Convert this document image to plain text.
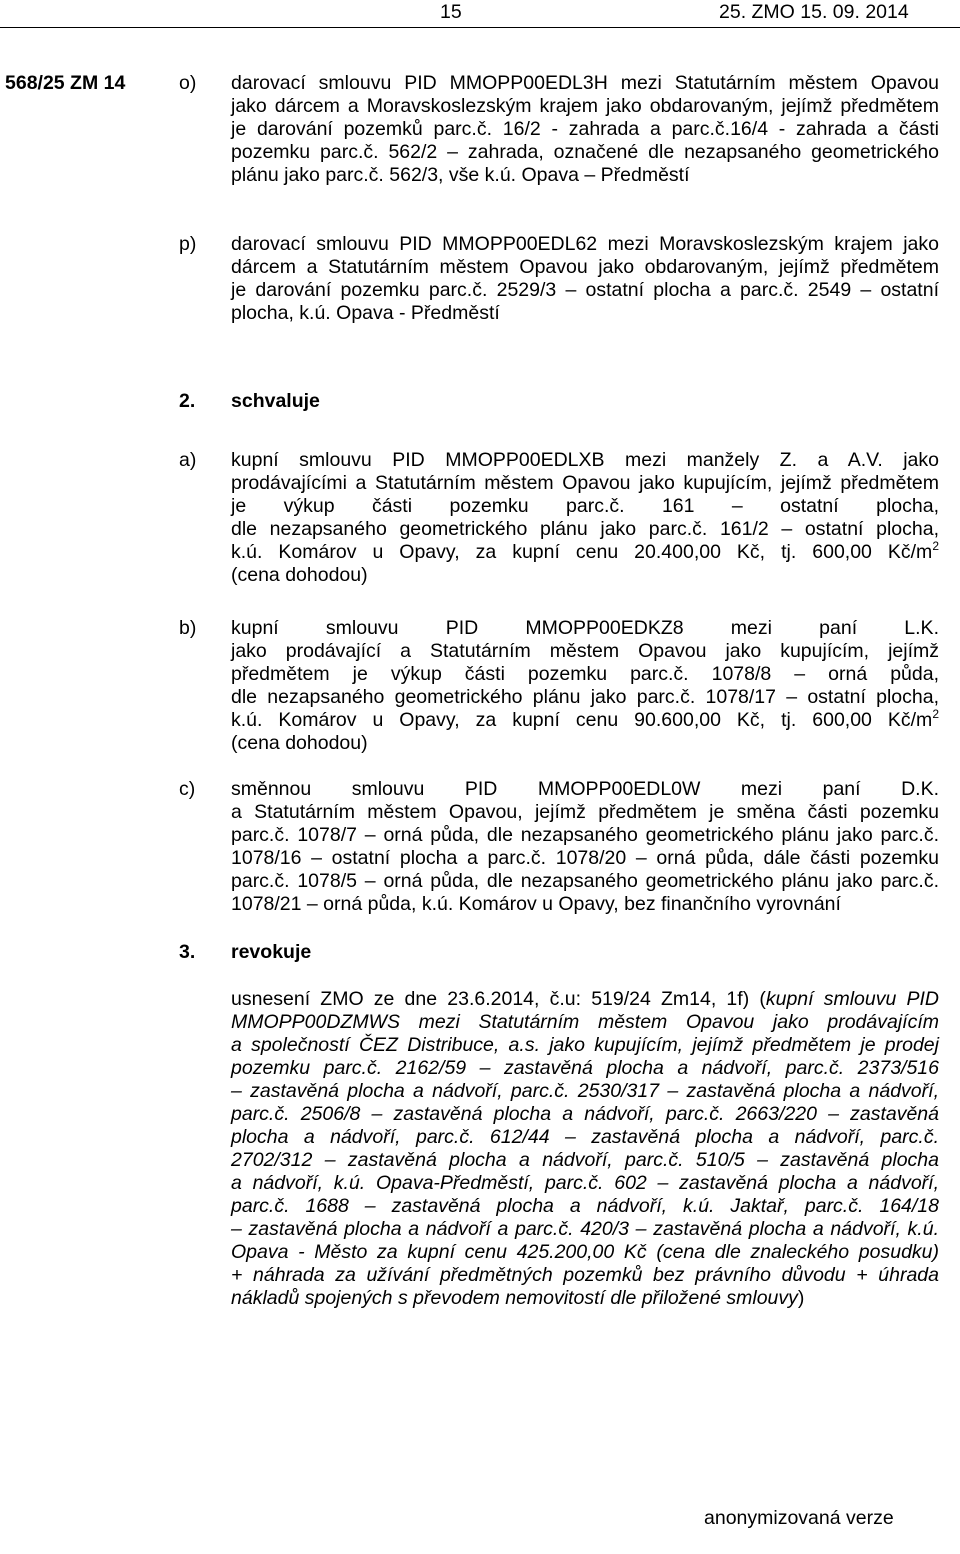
15	25. ZMO 15. 09. 2014
568/25 ZM 14	o) darovací smlouvu PID MMOPP00EDL3H mezi Statutárním městem Opavou
jako dárcem a Moravskoslezským krajem jako obdarovaným, jejímž předmětem
je darování pozemků parc.č. 16/2 - zahrada a parc.č.16/4 - zahrada a části
pozemku parc.č. 562/2 – zahrada, označené dle nezapsaného geometrického
plánu jako parc.č. 562/3, vše k.ú. Opava – Předměstí
p) darovací smlouvu PID MMOPP00EDL62 mezi Moravskoslezským krajem jako
dárcem a Statutárním městem Opavou jako obdarovaným, jejímž předmětem
je darování pozemku parc.č. 2529/3 – ostatní plocha a parc.č. 2549 – ostatní
plocha, k.ú. Opava - Předměstí
2. schvaluje
a) kupní smlouvu PID MMOPP00EDLXB mezi manžely Z. a A.V. jako
prodávajícími a Statutárním městem Opavou jako kupujícím, jejímž předmětem
je výkup části pozemku parc.č. 161 – ostatní plocha,
dle nezapsaného geometrického plánu jako parc.č. 161/2 – ostatní plocha,
k.ú. Komárov u Opavy, za kupní cenu 20.400,00 Kč, tj. 600,00 $Kč/m^2$
(cena dohodou)
b) kupní smlouvu PID MMOPP00EDKZ8 mezi paní L.K.
jako prodávající a Statutárním městem Opavou jako kupujícím, jejímž
předmětem je výkup části pozemku parc.č. 1078/8 – orná půda,
dle nezapsaného geometrického plánu jako parc.č. 1078/17 – ostatní plocha,
k.ú. Komárov u Opavy, za kupní cenu 90.600,00 Kč, tj. 600,00 $Kč/m^2$
(cena dohodou)
c) směnnou smlouvu PID MMOPP00EDL0W mezi paní D.K.
a Statutárním městem Opavou, jejímž předmětem je směna části pozemku
parc.č. 1078/7 – orná půda, dle nezapsaného geometrického plánu jako parc.č.
1078/16 – ostatní plocha a parc.č. 1078/20 – orná půda, dále části pozemku
parc.č. 1078/5 – orná půda, dle nezapsaného geometrického plánu jako parc.č.
1078/21 – orná půda, k.ú. Komárov u Opavy, bez finančního vyrovnání
3. revokuje
usnesení ZMO ze dne 23.6.2014, č.u: 519/24 Zm14, 1f) (kupní smlouvu PID
MMOPP00DZMWS mezi Statutárním městem Opavou jako prodávajícím
a společností ČEZ Distribuce, a.s. jako kupujícím, jejímž předmětem je prodej
pozemku parc.č. 2162/59 – zastavěná plocha a nádvoří, parc.č. 2373/516
– zastavěná plocha a nádvoří, parc.č. 2530/317 – zastavěná plocha a nádvoří,
parc.č. 2506/8 – zastavěná plocha a nádvoří, parc.č. 2663/220 – zastavěná
plocha a nádvoří, parc.č. 612/44 – zastavěná plocha a nádvoří, parc.č.
2702/312 – zastavěná plocha a nádvoří, parc.č. 510/5 – zastavěná plocha
a nádvoří, k.ú. Opava-Předměstí, parc.č. 602 – zastavěná plocha a nádvoří,
parc.č. 1688 – zastavěná plocha a nádvoří, k.ú. Jaktař, parc.č. 164/18
– zastavěná plocha a nádvoří a parc.č. 420/3 – zastavěná plocha a nádvoří, k.ú.
Opava - Město za kupní cenu 425.200,00 Kč (cena dle znaleckého posudku)
+ náhrada za užívání předmětných pozemků bez právního důvodu + úhrada
nákladů spojených s převodem nemovitostí dle přiložené smlouvy)
anonymizovaná verze
